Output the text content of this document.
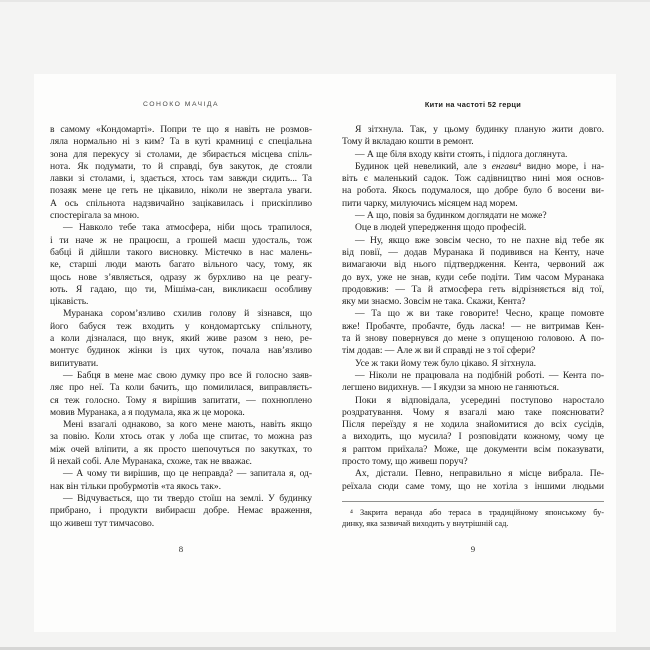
СОНОКО МАЧІДА	Кити на частоті 52 герци
в самому «Кондомарті». Попри те що я навіть не розмов-
ляла нормально ні з ким? Та в куті крамниці є спеціальна
зона для перекусу зі столами, де збирається місцева спіль-
нота. Як подумати, то й справді, був закуток, де стояли
лавки зі столами, і, здається, хтось там завжди сидить... Та
позаяк мене це геть не цікавило, ніколи не звертала уваги.
А ось спільнота надзвичайно зацікавилась і прискіпливо
спостерігала за мною.
— Навколо тебе така атмосфера, ніби щось трапилося,
і ти наче ж не працюєш, а грошей маєш удосталь, тож
бабці й дійшли такого висновку. Містечко в нас малень-
ке, старші люди мають багато вільного часу, тому, як
щось нове з’являється, одразу ж бурхливо на це реагу-
ють. Я гадаю, що ти, Мішіма-сан, викликаєш особливу
цікавість.
Муранака сором’язливо схилив голову й зізнався, що
його бабуся теж входить у кондомартську спільноту,
а коли дізналася, що внук, який живе разом з нею, ре-
монтує будинок жінки із цих чуток, почала нав’язливо
випитувати.
— Бабця в мене має свою думку про все й голосно заяв-
ляє про неї. Та коли бачить, що помилилася, виправляєть-
ся теж голосно. Тому я вирішив запитати, — похнюплено
мовив Муранака, а я подумала, яка ж це морока.
Мені взагалі однаково, за кого мене мають, навіть якщо
за повію. Коли хтось отак у лоба ще спитає, то можна раз
між очей вліпити, а як просто шепочуться по закутках, то
й нехай собі. Але Муранака, схоже, так не вважає.
— А чому ти вирішив, що це неправда? — запитала я, од-
нак він тільки пробурмотів «та якось так».
— Відчувається, що ти твердо стоїш на землі. У будинку
прибрано, і продукти вибираєш добре. Немає враження,
що живеш тут тимчасово.
Я зітхнула. Так, у цьому будинку планую жити довго.
Тому й вкладаю кошти в ремонт.
— А ще біля входу квіти стоять, і підлога доглянута.
Будинок цей невеликий, але з енгави⁴ видно море, і на-
віть є маленький садок. Тож садівництво нині моя основ-
на робота. Якось подумалося, що добре було б восени ви-
пити чарку, милуючись місяцем над морем.
— А що, повія за будинком доглядати не може?
Оце в людей упередження щодо професій.
— Ну, якщо вже зовсім чесно, то не пахне від тебе як
від повії, — додав Муранака й подивився на Кенту, наче
вимагаючи від нього підтвердження. Кента, червоний аж
до вух, уже не знав, куди себе подіти. Тим часом Муранака
продовжив: — Та й атмосфера геть відрізняється від тої,
яку ми знаємо. Зовсім не така. Скажи, Кента?
— Та що ж ви таке говорите! Чесно, краще помовте
вже! Пробачте, пробачте, будь ласка! — не витримав Кен-
та й знову повернувся до мене з опущеною головою. А по-
тім додав: — Але ж ви й справді не з тої сфери?
Усе ж таки йому теж було цікаво. Я зітхнула.
— Ніколи не працювала на подібній роботі. — Кента по-
легшено видихнув. — І якудзи за мною не ганяються.
Поки я відповідала, усередині поступово наростало
роздратування. Чому я взагалі маю таке пояснювати?
Після переїзду я не ходила знайомитися до всіх сусідів,
а виходить, що мусила? І розповідати кожному, чому це
я раптом приїхала? Може, ще документи всім показувати,
просто тому, що живеш поруч?
Ах, дістали. Певно, неправильно я місце вибрала. Пе-
реїхала сюди саме тому, що не хотіла з іншими людьми
⁴ Закрита веранда або тераса в традиційному японському бу-
динку, яка зазвичай виходить у внутрішній сад.
8	9
